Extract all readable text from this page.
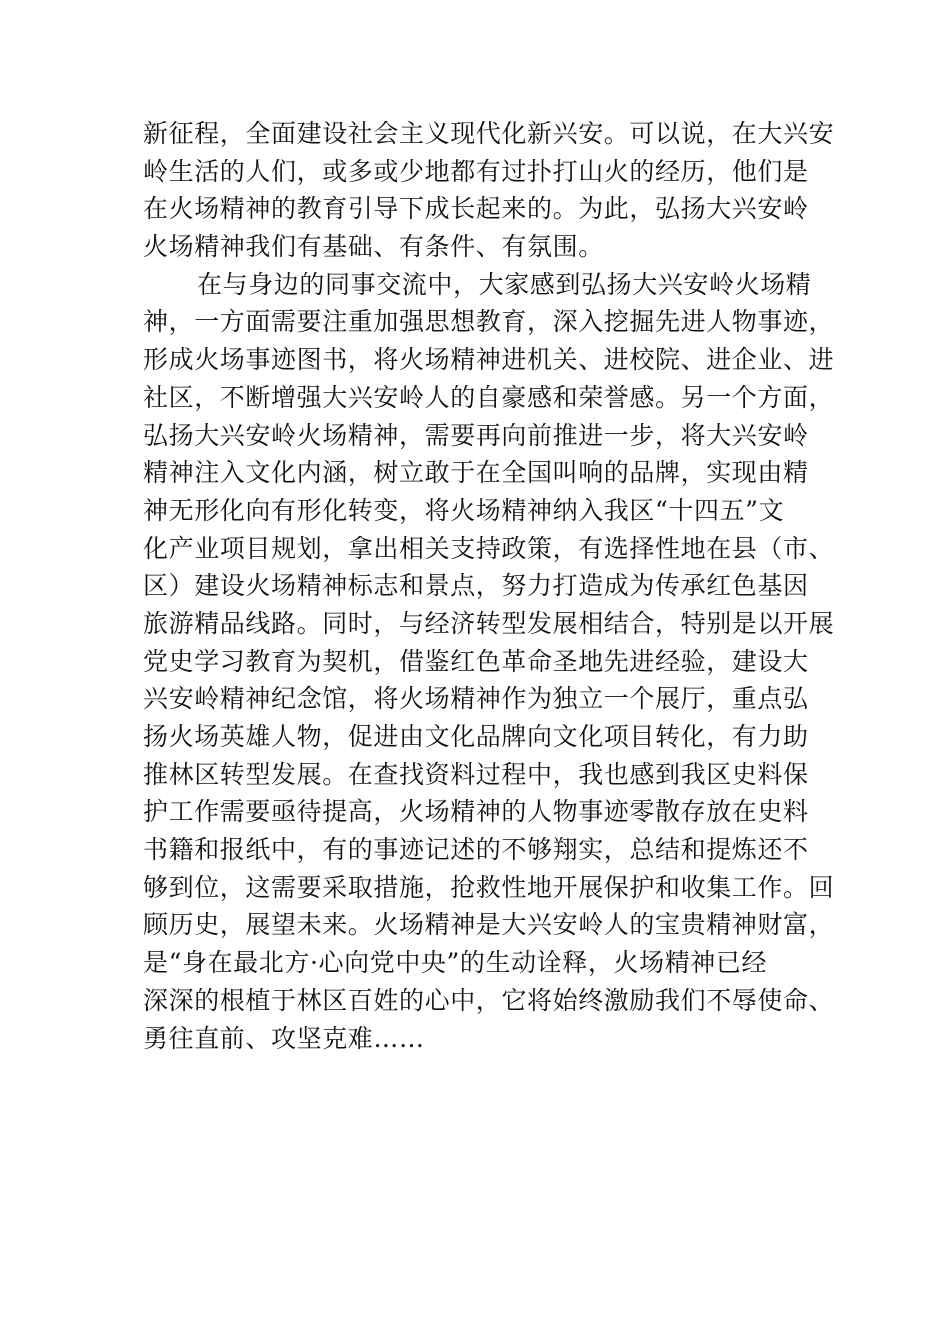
新征程，全面建设社会主义现代化新兴安。可以说，在大兴安
岭生活的人们，或多或少地都有过扑打山火的经历，他们是
在火场精神的教育引导下成长起来的。为此，弘扬大兴安岭
火场精神我们有基础、有条件、有氛围。
在与身边的同事交流中，大家感到弘扬大兴安岭火场精
神，一方面需要注重加强思想教育，深入挖掘先进人物事迹，
形成火场事迹图书，将火场精神进机关、进校院、进企业、进
社区，不断增强大兴安岭人的自豪感和荣誉感。另一个方面，
弘扬大兴安岭火场精神，需要再向前推进一步，将大兴安岭
精神注入文化内涵，树立敢于在全国叫响的品牌，实现由精
神无形化向有形化转变，将火场精神纳入我区“十四五”文
化产业项目规划，拿出相关支持政策，有选择性地在县（市、
区）建设火场精神标志和景点，努力打造成为传承红色基因
旅游精品线路。同时，与经济转型发展相结合，特别是以开展
党史学习教育为契机，借鉴红色革命圣地先进经验，建设大
兴安岭精神纪念馆，将火场精神作为独立一个展厅，重点弘
扬火场英雄人物，促进由文化品牌向文化项目转化，有力助
推林区转型发展。在查找资料过程中，我也感到我区史料保
护工作需要亟待提高，火场精神的人物事迹零散存放在史料
书籍和报纸中，有的事迹记述的不够翔实，总结和提炼还不
够到位，这需要采取措施，抢救性地开展保护和收集工作。回
顾历史，展望未来。火场精神是大兴安岭人的宝贵精神财富，
是“身在最北方·心向党中央”的生动诠释，火场精神已经
深深的根植于林区百姓的心中，它将始终激励我们不辱使命、
勇往直前、攻坚克难……
